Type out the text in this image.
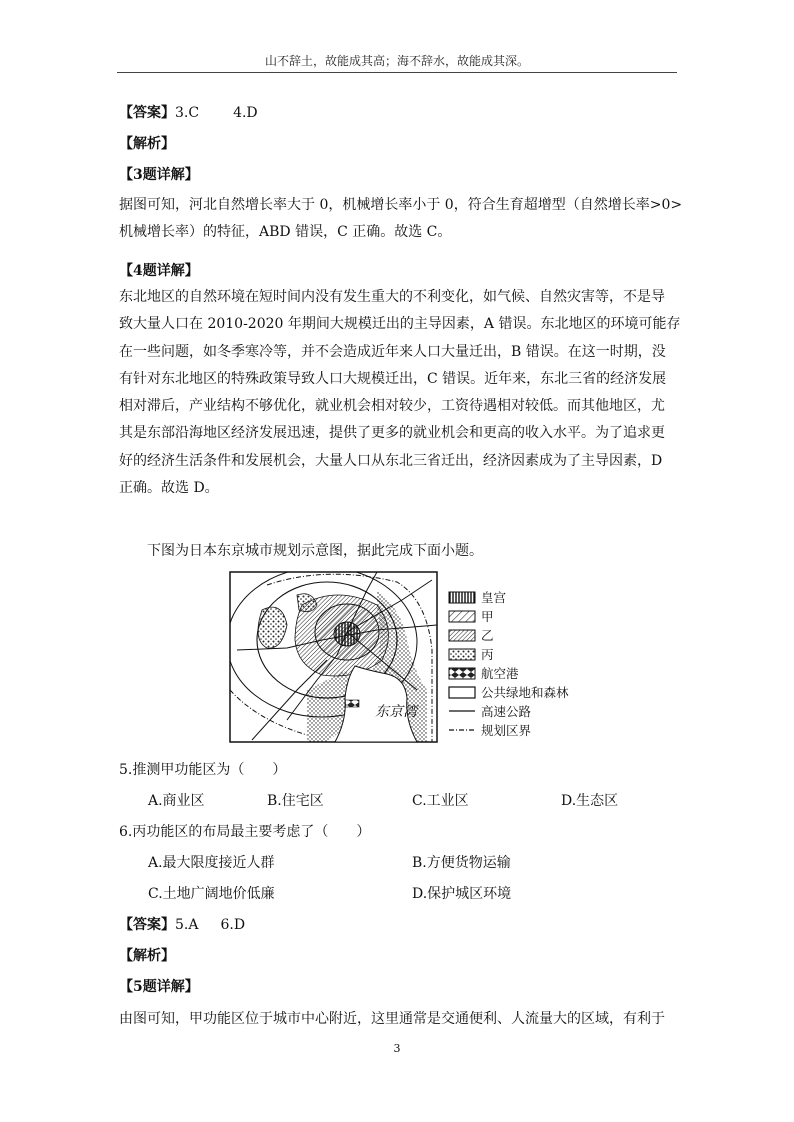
山不辞土，故能成其高；海不辞水，故能成其深。
【答案】3.C 4.D
【解析】
【3题详解】
据图可知，河北自然增长率大于 0，机械增长率小于 0，符合生育超增型（自然增长率>0>
机械增长率）的特征，ABD 错误，C 正确。故选 C。
【4题详解】
东北地区的自然环境在短时间内没有发生重大的不利变化，如气候、自然灾害等，不是导
致大量人口在 2010-2020 年期间大规模迁出的主导因素，A 错误。东北地区的环境可能存
在一些问题，如冬季寒冷等，并不会造成近年来人口大量迁出，B 错误。在这一时期，没
有针对东北地区的特殊政策导致人口大规模迁出，C 错误。近年来，东北三省的经济发展
相对滞后，产业结构不够优化，就业机会相对较少，工资待遇相对较低。而其他地区，尤
其是东部沿海地区经济发展迅速，提供了更多的就业机会和更高的收入水平。为了追求更
好的经济生活条件和发展机会，大量人口从东北三省迁出，经济因素成为了主导因素，D
正确。故选 D。
下图为日本东京城市规划示意图，据此完成下面小题。
东京湾
皇宫
甲
乙
丙
航空港
公共绿地和森林
高速公路
规划区界
5.推测甲功能区为（　　）
A.商业区	B.住宅区	C.工业区	D.生态区
6.丙功能区的布局最主要考虑了（　　）
A.最大限度接近人群	B.方便货物运输
C.土地广阔地价低廉	D.保护城区环境
【答案】5.A 6.D
【解析】
【5题详解】
由图可知，甲功能区位于城市中心附近，这里通常是交通便利、人流量大的区域，有利于
3
